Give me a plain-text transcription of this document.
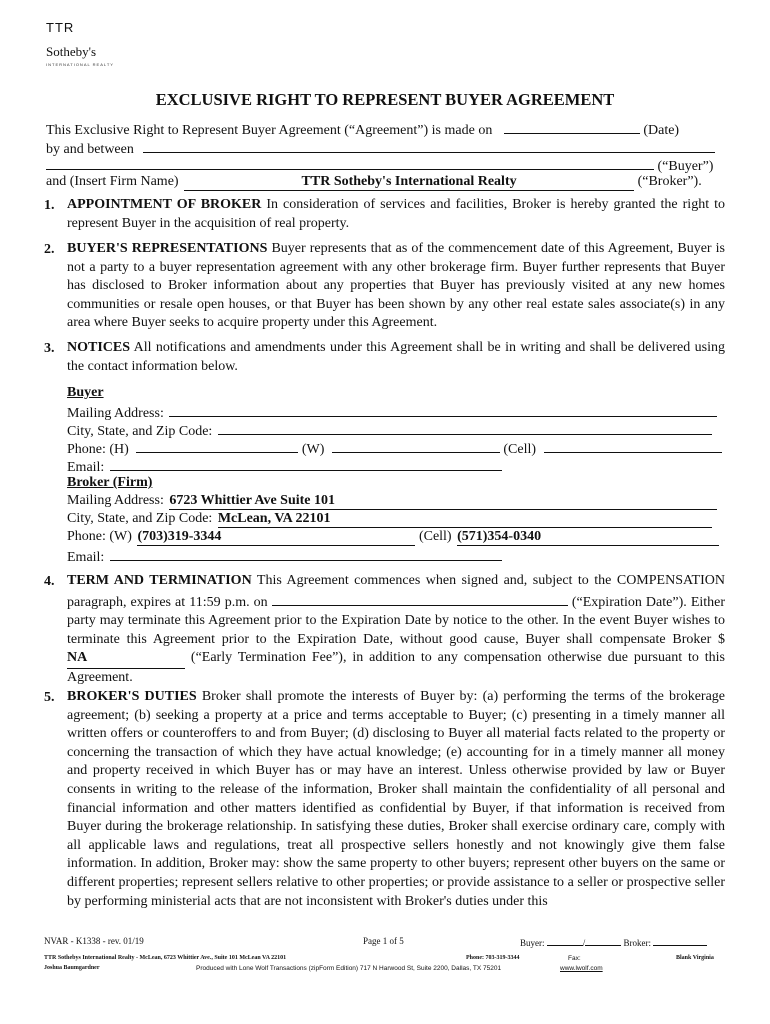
TTR
Sotheby's
INTERNATIONAL REALTY
EXCLUSIVE RIGHT TO REPRESENT BUYER AGREEMENT
This Exclusive Right to Represent Buyer Agreement (“Agreement”) is made on	(Date)
by and between
(“Buyer”)
and (Insert Firm Name)	TTR Sotheby's International Realty	(“Broker”).
1. APPOINTMENT OF BROKER In consideration of services and facilities, Broker is hereby granted the right to represent Buyer in the acquisition of real property.
2. BUYER'S REPRESENTATIONS Buyer represents that as of the commencement date of this Agreement, Buyer is not a party to a buyer representation agreement with any other brokerage firm. Buyer further represents that Buyer has disclosed to Broker information about any properties that Buyer has previously visited at any new homes communities or resale open houses, or that Buyer has been shown by any other real estate sales associate(s) in any area where Buyer seeks to acquire property under this Agreement.
3. NOTICES All notifications and amendments under this Agreement shall be in writing and shall be delivered using the contact information below.
Buyer
Mailing Address:
City, State, and Zip Code:
Phone: (H)	(W)	(Cell)
Email:
Broker (Firm)
Mailing Address: 6723 Whittier Ave Suite 101
City, State, and Zip Code: McLean, VA 22101
Phone: (W) (703)319-3344	(Cell) (571)354-0340
Email:
4. TERM AND TERMINATION This Agreement commences when signed and, subject to the COMPENSATION paragraph, expires at 11:59 p.m. on	(“Expiration Date”). Either party may terminate this Agreement prior to the Expiration Date by notice to the other. In the event Buyer wishes to terminate this Agreement prior to the Expiration Date, without good cause, Buyer shall compensate Broker $ NA	(“Early Termination Fee”), in addition to any compensation otherwise due pursuant to this Agreement.
5. BROKER'S DUTIES Broker shall promote the interests of Buyer by: (a) performing the terms of the brokerage agreement; (b) seeking a property at a price and terms acceptable to Buyer; (c) presenting in a timely manner all written offers or counteroffers to and from Buyer; (d) disclosing to Buyer all material facts related to the property or concerning the transaction of which they have actual knowledge; (e) accounting for in a timely manner all money and property received in which Buyer has or may have an interest. Unless otherwise provided by law or Buyer consents in writing to the release of the information, Broker shall maintain the confidentiality of all personal and financial information and other matters identified as confidential by Buyer, if that information is received from Buyer during the brokerage relationship. In satisfying these duties, Broker shall exercise ordinary care, comply with all applicable laws and regulations, treat all prospective sellers honestly and not knowingly give them false information. In addition, Broker may: show the same property to other buyers; represent other buyers on the same or different properties; represent sellers relative to other properties; or provide assistance to a seller or prospective seller by performing ministerial acts that are not inconsistent with Broker's duties under this
NVAR - K1338 - rev. 01/19	Page 1 of 5	Buyer:	/	Broker:
TTR Sothebys International Realty - McLean, 6723 Whittier Ave., Suite 101 McLean VA 22101	Phone: 703-319-3344	Fax:	Blank Virginia
Joshua Baumgardner	Produced with Lone Wolf Transactions (zipForm Edition) 717 N Harwood St, Suite 2200, Dallas, TX 75201	www.lwolf.com
